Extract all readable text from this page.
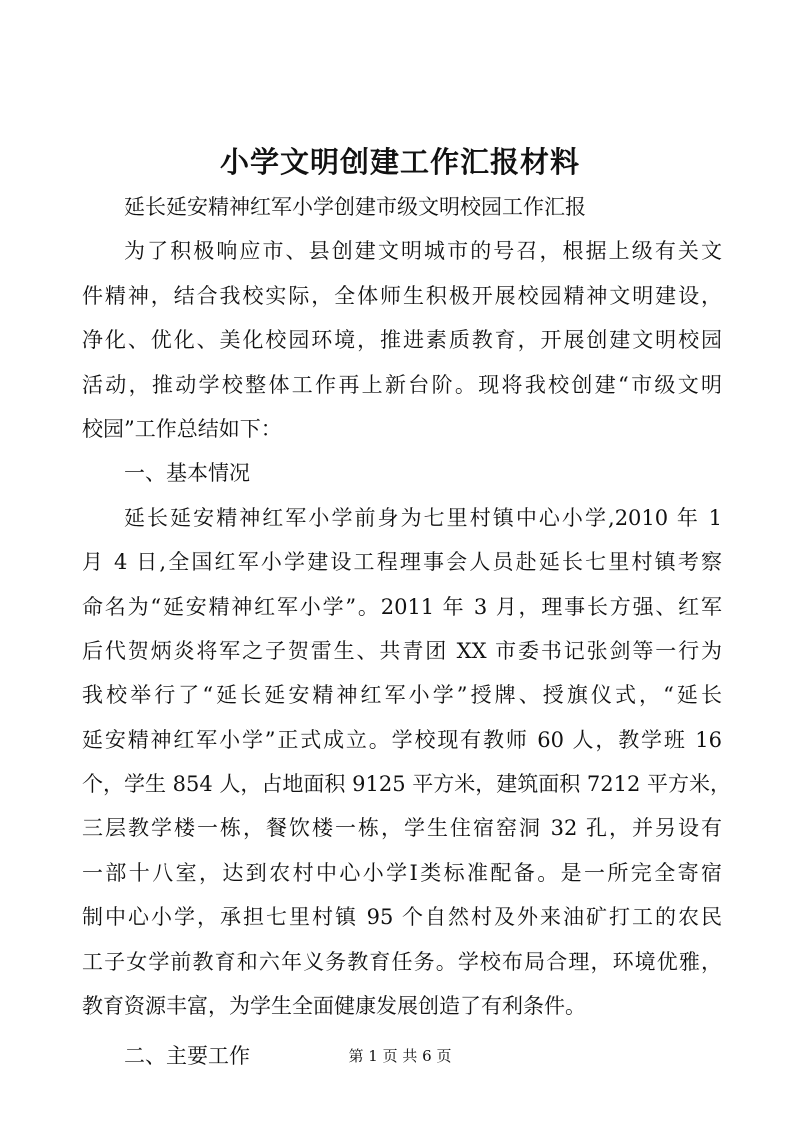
小学文明创建工作汇报材料
延长延安精神红军小学创建市级文明校园工作汇报
为了积极响应市、县创建文明城市的号召，根据上级有关文
件精神，结合我校实际，全体师生积极开展校园精神文明建设，
净化、优化、美化校园环境，推进素质教育，开展创建文明校园
活动，推动学校整体工作再上新台阶。现将我校创建“市级文明
校园”工作总结如下：
一、基本情况
延长延安精神红军小学前身为七里村镇中心小学,2010 年 1
月 4 日,全国红军小学建设工程理事会人员赴延长七里村镇考察
命名为“延安精神红军小学”。2011 年 3 月，理事长方强、红军
后代贺炳炎将军之子贺雷生、共青团 XX 市委书记张剑等一行为
我校举行了“延长延安精神红军小学”授牌、授旗仪式，“延长
延安精神红军小学”正式成立。学校现有教师 60 人，教学班 16
个，学生 854 人，占地面积 9125 平方米，建筑面积 7212 平方米，
三层教学楼一栋，餐饮楼一栋，学生住宿窑洞 32 孔，并另设有
一部十八室，达到农村中心小学Ⅰ类标准配备。是一所完全寄宿
制中心小学，承担七里村镇 95 个自然村及外来油矿打工的农民
工子女学前教育和六年义务教育任务。学校布局合理，环境优雅，
教育资源丰富，为学生全面健康发展创造了有利条件。
二、主要工作	第 1 页 共 6 页
